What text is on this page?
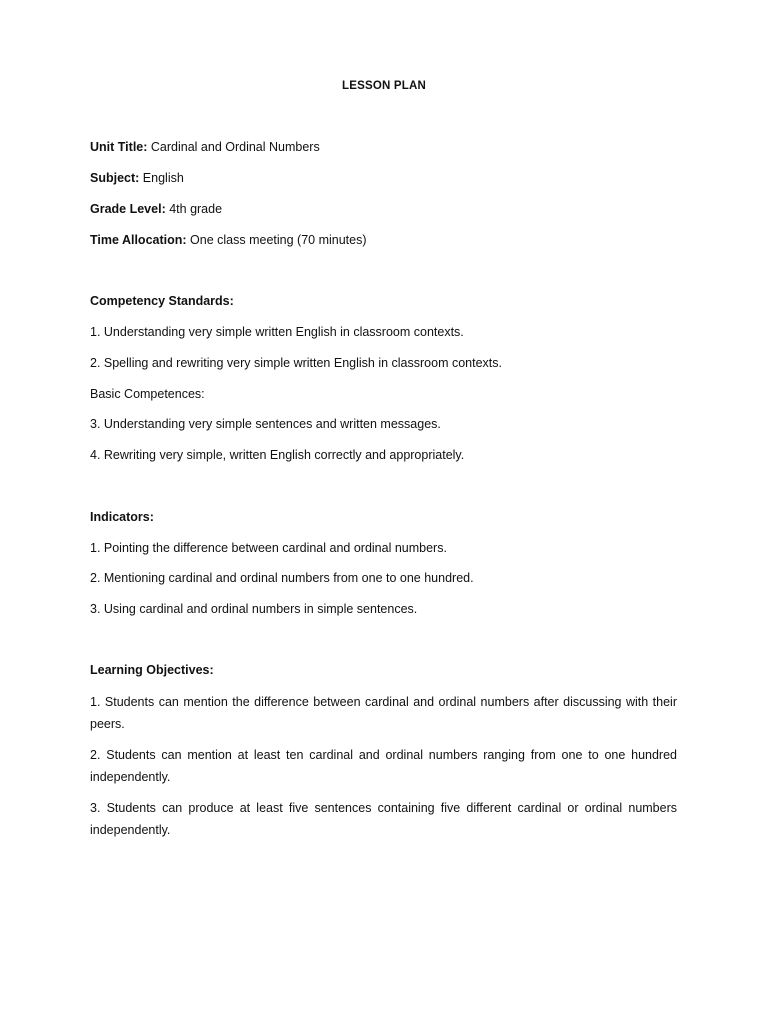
LESSON PLAN
Unit Title: Cardinal and Ordinal Numbers
Subject: English
Grade Level: 4th grade
Time Allocation: One class meeting (70 minutes)
Competency Standards:
1. Understanding very simple written English in classroom contexts.
2. Spelling and rewriting very simple written English in classroom contexts.
Basic Competences:
3. Understanding very simple sentences and written messages.
4. Rewriting very simple, written English correctly and appropriately.
Indicators:
1. Pointing the difference between cardinal and ordinal numbers.
2. Mentioning cardinal and ordinal numbers from one to one hundred.
3. Using cardinal and ordinal numbers in simple sentences.
Learning Objectives:
1. Students can mention the difference between cardinal and ordinal numbers after discussing with their peers.
2. Students can mention at least ten cardinal and ordinal numbers ranging from one to one hundred independently.
3. Students can produce at least five sentences containing five different cardinal or ordinal numbers independently.
